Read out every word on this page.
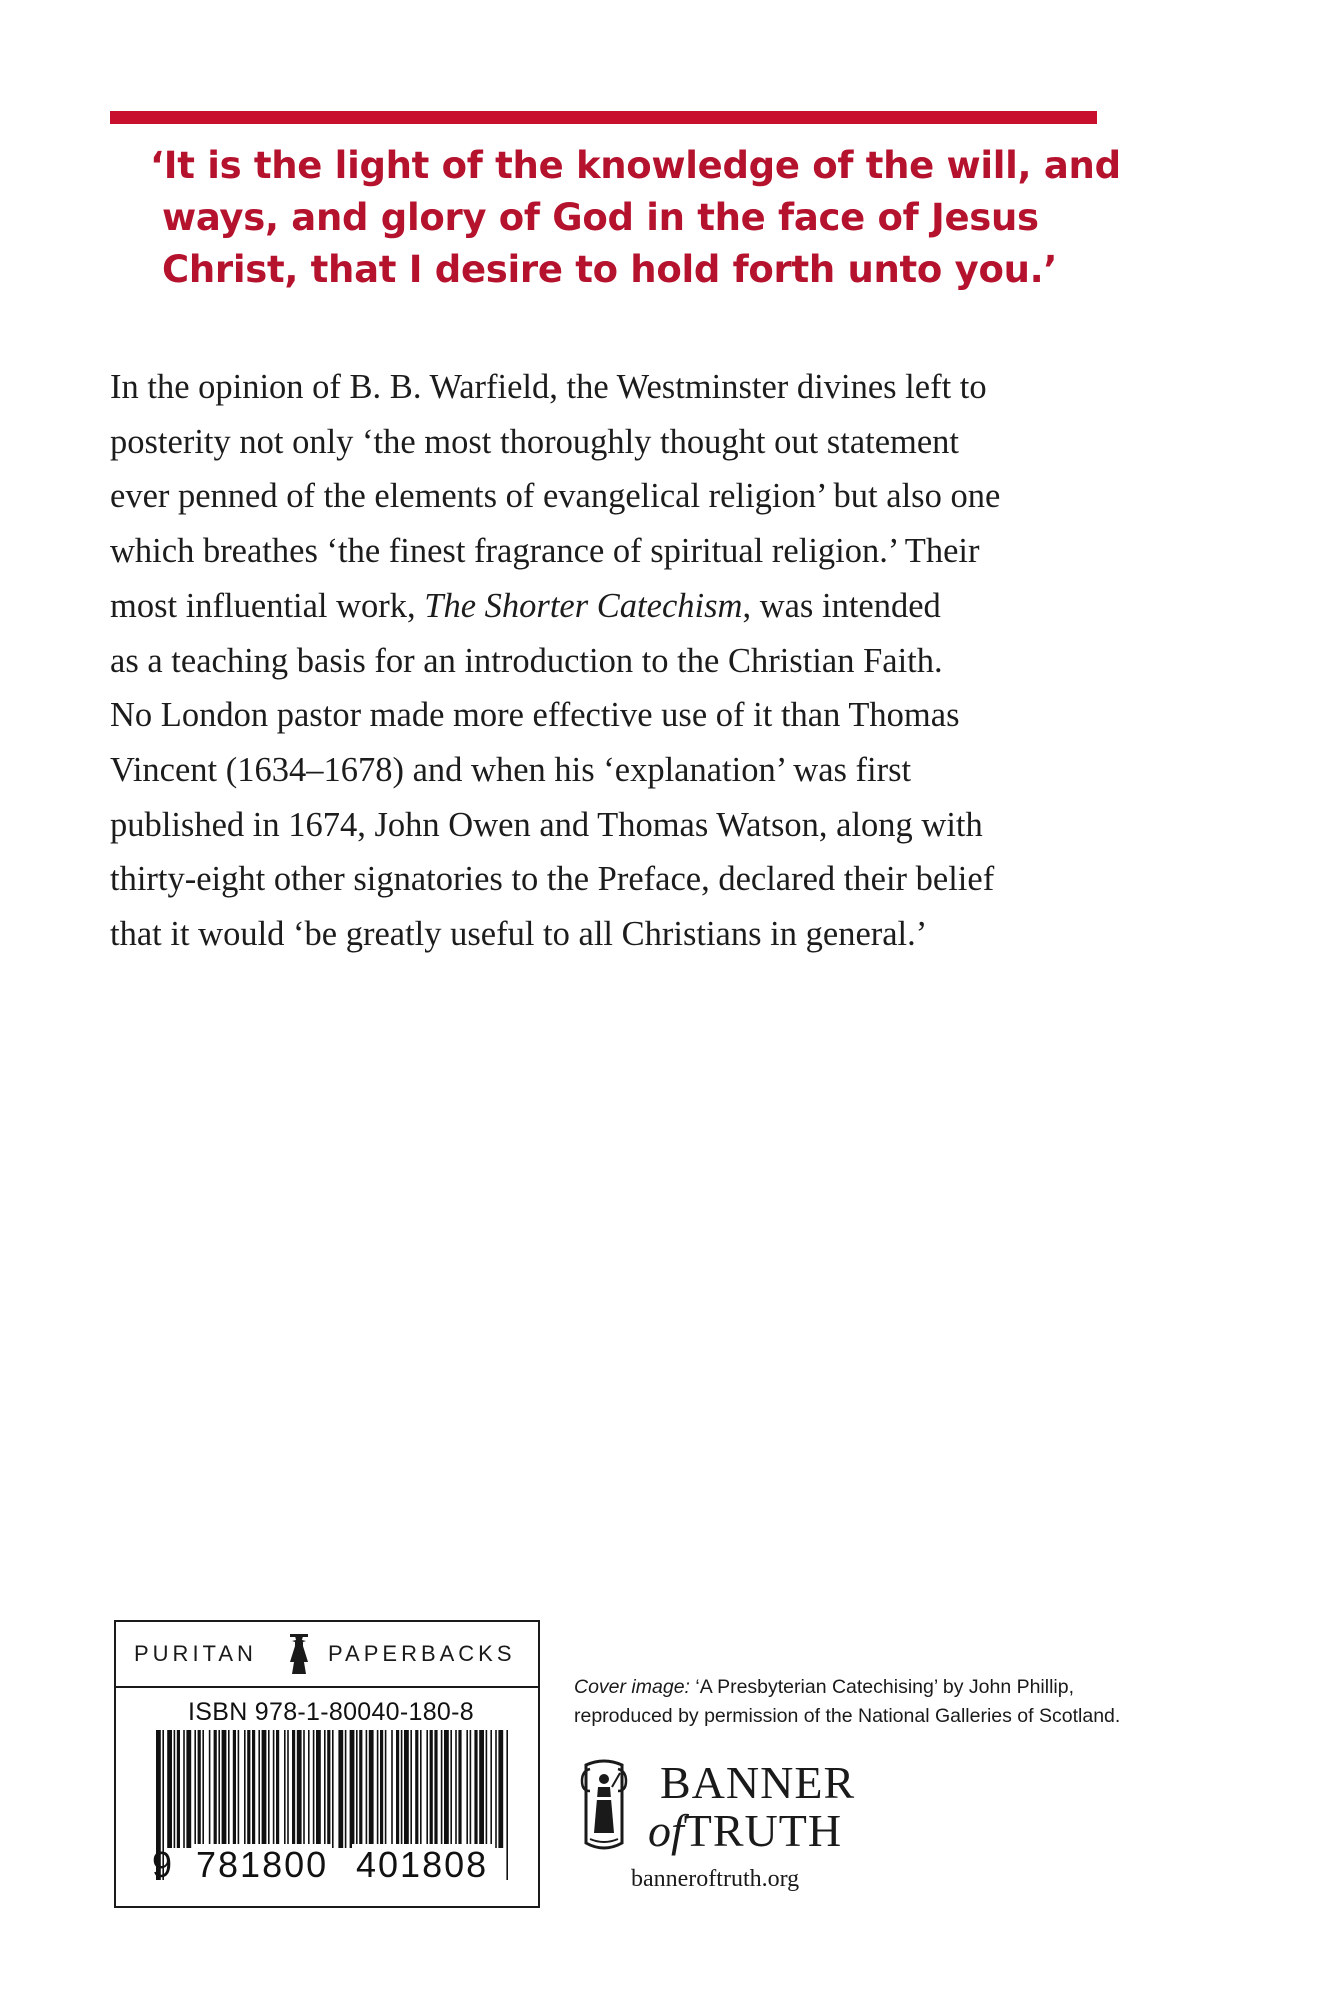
‘It is the light of the knowledge of the will, and
ways, and glory of God in the face of Jesus
Christ, that I desire to hold forth unto you.’
In the opinion of B. B. Warfield, the Westminster divines left to
posterity not only ‘the most thoroughly thought out statement
ever penned of the elements of evangelical religion’ but also one
which breathes ‘the finest fragrance of spiritual religion.’ Their
most influential work, The Shorter Catechism, was intended
as a teaching basis for an introduction to the Christian Faith.
No London pastor made more effective use of it than Thomas
Vincent (1634–1678) and when his ‘explanation’ was first
published in 1674, John Owen and Thomas Watson, along with
thirty-eight other signatories to the Preface, declared their belief
that it would ‘be greatly useful to all Christians in general.’
PURITAN	PAPERBACKS
ISBN 978-1-80040-180-8
9 781800 401808
Cover image: ‘A Presbyterian Catechising’ by John Phillip,
reproduced by permission of the National Galleries of Scotland.
BANNER
ofTRUTH
banneroftruth.org
